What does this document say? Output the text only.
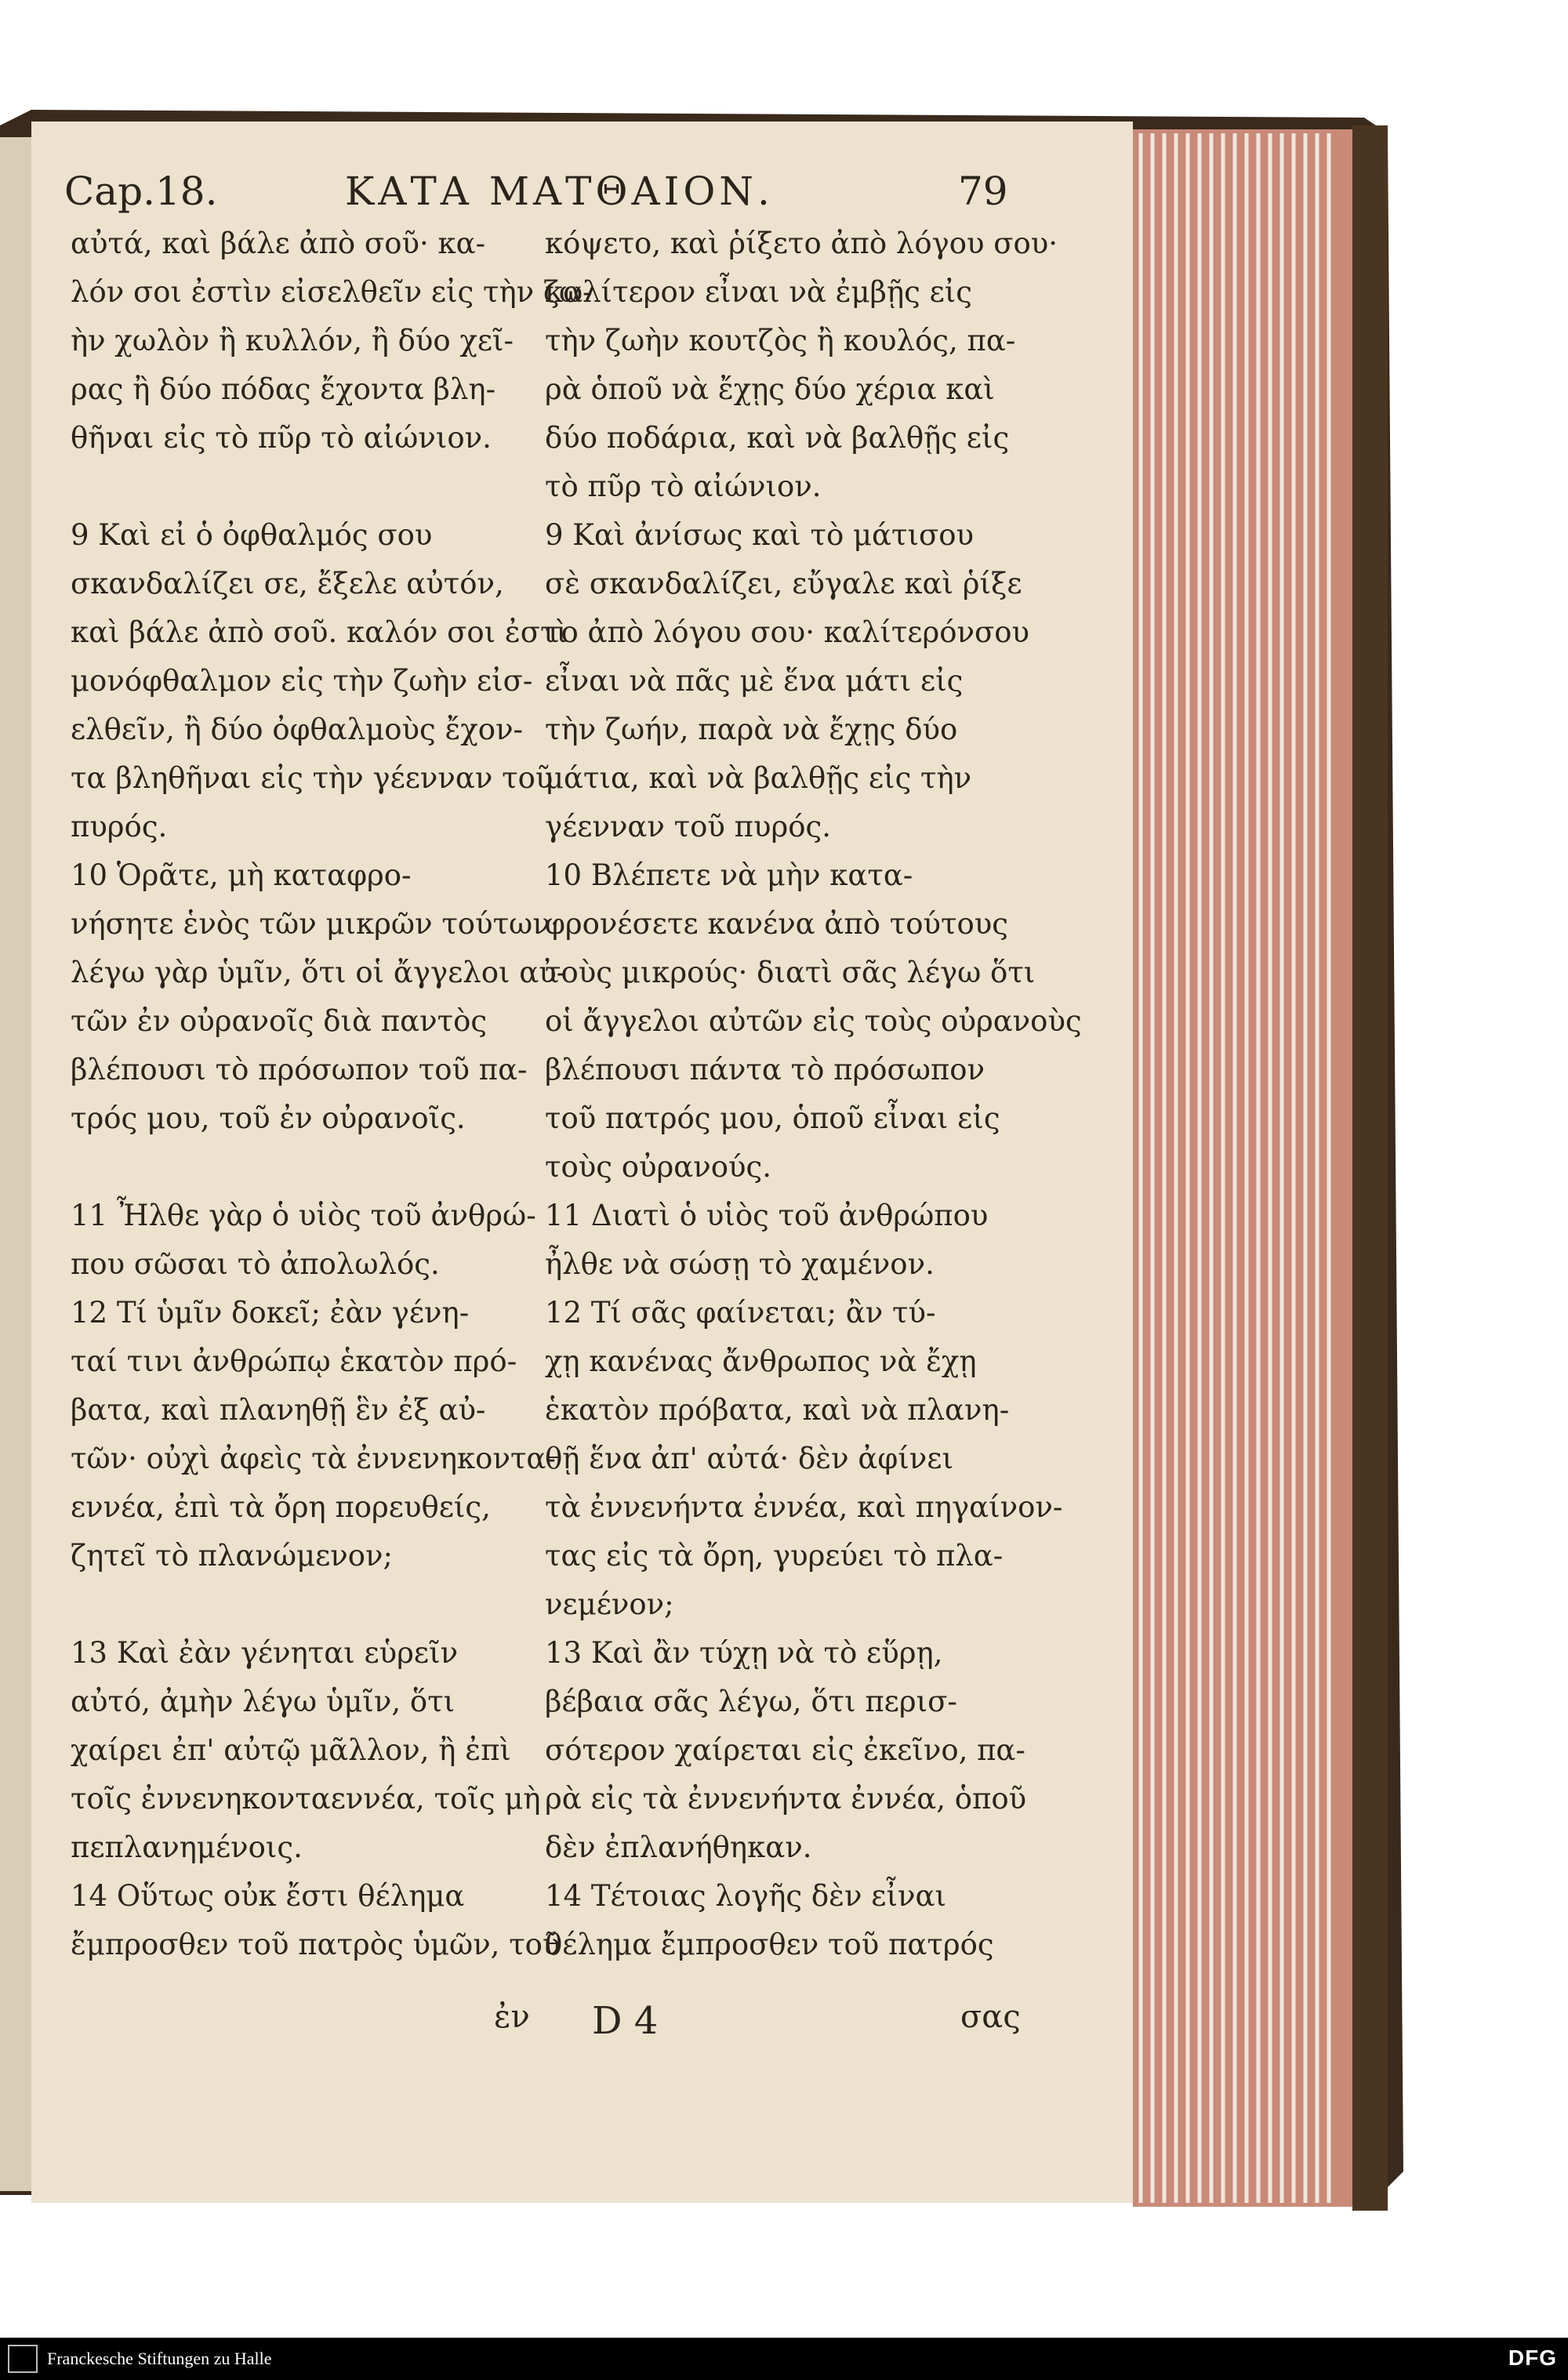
Cap.18.	ΚΑΤΑ ΜΑΤΘΑΙΟΝ.	79
αὐτά, καὶ βάλε ἀπὸ σοῦ· κα-
λόν σοι ἐστὶν εἰσελθεῖν εἰς τὴν ζω-
ὴν χωλὸν ἢ κυλλόν, ἢ δύο χεῖ-
ρας ἢ δύο πόδας ἔχοντα βλη-
θῆναι εἰς τὸ πῦρ τὸ αἰώνιον.
9 Καὶ εἰ ὁ ὀφθαλμός σου
σκανδαλίζει σε, ἔξελε αὐτόν,
καὶ βάλε ἀπὸ σοῦ. καλόν σοι ἐστὶ
μονόφθαλμον εἰς τὴν ζωὴν εἰσ-
ελθεῖν, ἢ δύο ὀφθαλμοὺς ἔχον-
τα βληθῆναι εἰς τὴν γέενναν τοῦ
πυρός.
10 Ὁρᾶτε, μὴ καταφρο-
νήσητε ἑνὸς τῶν μικρῶν τούτων·
λέγω γὰρ ὑμῖν, ὅτι οἱ ἄγγελοι αὐ-
τῶν ἐν οὐρανοῖς διὰ παντὸς
βλέπουσι τὸ πρόσωπον τοῦ πα-
τρός μου, τοῦ ἐν οὐρανοῖς.
11 Ἦλθε γὰρ ὁ υἱὸς τοῦ ἀνθρώ-
που σῶσαι τὸ ἀπολωλός.
12 Τί ὑμῖν δοκεῖ; ἐὰν γένη-
ταί τινι ἀνθρώπῳ ἑκατὸν πρό-
βατα, καὶ πλανηθῇ ἓν ἐξ αὐ-
τῶν· οὐχὶ ἀφεὶς τὰ ἐννενηκοντα-
εννέα, ἐπὶ τὰ ὄρη πορευθείς,
ζητεῖ τὸ πλανώμενον;
13 Καὶ ἐὰν γένηται εὑρεῖν
αὐτό, ἀμὴν λέγω ὑμῖν, ὅτι
χαίρει ἐπ' αὐτῷ μᾶλλον, ἢ ἐπὶ
τοῖς ἐννενηκονταεννέα, τοῖς μὴ
πεπλανημένοις.
14 Οὕτως οὐκ ἔστι θέλημα
ἔμπροσθεν τοῦ πατρὸς ὑμῶν, τοῦ
κόψετο, καὶ ῥίξετο ἀπὸ λόγου σου·
καλίτερον εἶναι νὰ ἐμβῇς εἰς
τὴν ζωὴν κουτζὸς ἢ κουλός, πα-
ρὰ ὁποῦ νὰ ἔχῃς δύο χέρια καὶ
δύο ποδάρια, καὶ νὰ βαλθῇς εἰς
τὸ πῦρ τὸ αἰώνιον.
9 Καὶ ἀνίσως καὶ τὸ μάτισου
σὲ σκανδαλίζει, εὔγαλε καὶ ῥίξε
το ἀπὸ λόγου σου· καλίτερόνσου
εἶναι νὰ πᾶς μὲ ἕνα μάτι εἰς
τὴν ζωήν, παρὰ νὰ ἔχῃς δύο
μάτια, καὶ νὰ βαλθῇς εἰς τὴν
γέενναν τοῦ πυρός.
10 Βλέπετε νὰ μὴν κατα-
φρονέσετε κανένα ἀπὸ τούτους
τοὺς μικρούς· διατὶ σᾶς λέγω ὅτι
οἱ ἄγγελοι αὐτῶν εἰς τοὺς οὐρανοὺς
βλέπουσι πάντα τὸ πρόσωπον
τοῦ πατρός μου, ὁποῦ εἶναι εἰς
τοὺς οὐρανούς.
11 Διατὶ ὁ υἱὸς τοῦ ἀνθρώπου
ἦλθε νὰ σώσῃ τὸ χαμένον.
12 Τί σᾶς φαίνεται; ἂν τύ-
χῃ κανένας ἄνθρωπος νὰ ἔχῃ
ἑκατὸν πρόβατα, καὶ νὰ πλανη-
θῇ ἕνα ἀπ' αὐτά· δὲν ἀφίνει
τὰ ἐννενήντα ἐννέα, καὶ πηγαίνον-
τας εἰς τὰ ὄρη, γυρεύει τὸ πλα-
νεμένον;
13 Καὶ ἂν τύχῃ νὰ τὸ εὕρῃ,
βέβαια σᾶς λέγω, ὅτι περισ-
σότερον χαίρεται εἰς ἐκεῖνο, πα-
ρὰ εἰς τὰ ἐννενήντα ἐννέα, ὁποῦ
δὲν ἐπλανήθηκαν.
14 Τέτοιας λογῆς δὲν εἶναι
θέλημα ἔμπροσθεν τοῦ πατρός
ἐν D 4	σας
Franckesche Stiftungen zu Halle	DFG
